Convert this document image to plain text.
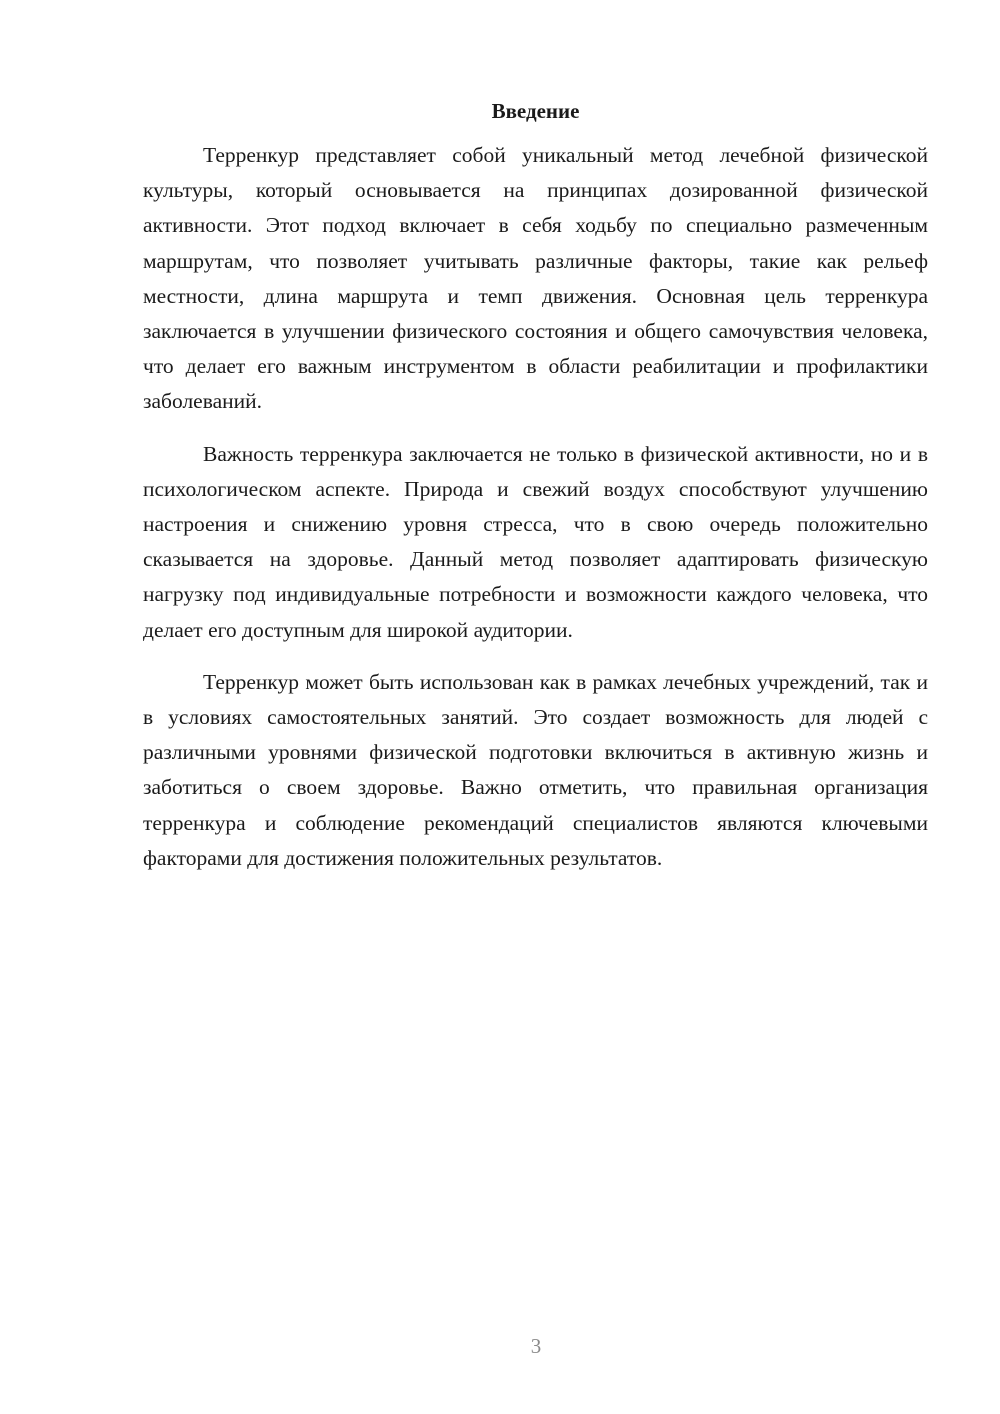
Введение

Терренкур представляет собой уникальный метод лечебной физической культуры, который основывается на принципах дозированной физической активности. Этот подход включает в себя ходьбу по специально размеченным маршрутам, что позволяет учитывать различные факторы, такие как рельеф местности, длина маршрута и темп движения. Основная цель терренкура заключается в улучшении физического состояния и общего самочувствия человека, что делает его важным инструментом в области реабилитации и профилактики заболеваний.

Важность терренкура заключается не только в физической активности, но и в психологическом аспекте. Природа и свежий воздух способствуют улучшению настроения и снижению уровня стресса, что в свою очередь положительно сказывается на здоровье. Данный метод позволяет адаптировать физическую нагрузку под индивидуальные потребности и возможности каждого человека, что делает его доступным для широкой аудитории.

Терренкур может быть использован как в рамках лечебных учреждений, так и в условиях самостоятельных занятий. Это создает возможность для людей с различными уровнями физической подготовки включиться в активную жизнь и заботиться о своем здоровье. Важно отметить, что правильная организация терренкура и соблюдение рекомендаций специалистов являются ключевыми факторами для достижения положительных результатов.

3
